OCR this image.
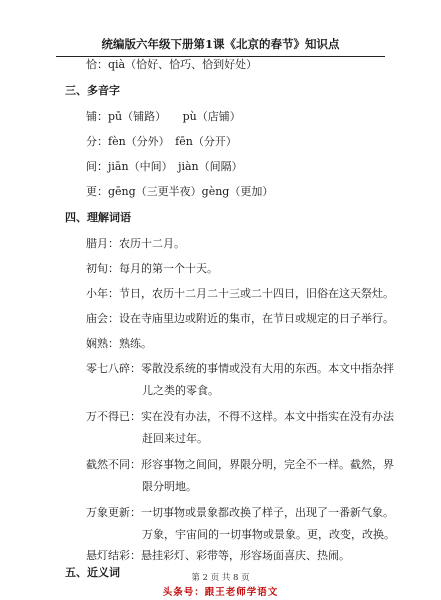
统编版六年级下册第1课《北京的春节》知识点
恰：qià（恰好、恰巧、恰到好处）
三、多音字
铺：pū（铺路）　　pù（店铺）
分：fèn（分外）　fēn（分开）
间：jiān（中间）　jiàn（间隔）
更：gēng（三更半夜）gèng（更加）
四、理解词语
腊月：农历十二月。
初旬：每月的第一个十天。
小年：节日，农历十二月二十三或二十四日，旧俗在这天祭灶。
庙会：设在寺庙里边或附近的集市，在节日或规定的日子举行。
娴熟：熟练。
零七八碎：零散没系统的事情或没有大用的东西。本文中指杂拌
儿之类的零食。
万不得已：实在没有办法，不得不这样。本文中指实在没有办法
赶回来过年。
截然不同：形容事物之间间，界限分明，完全不一样。截然，界
限分明地。
万象更新：一切事物或景象都改换了样子，出现了一番新气象。
万象，宇宙间的一切事物或景象。更，改变，改换。
悬灯结彩：悬挂彩灯、彩带等，形容场面喜庆、热闹。
五、近义词	第 2 页 共 8 页
头条号：跟王老师学语文
